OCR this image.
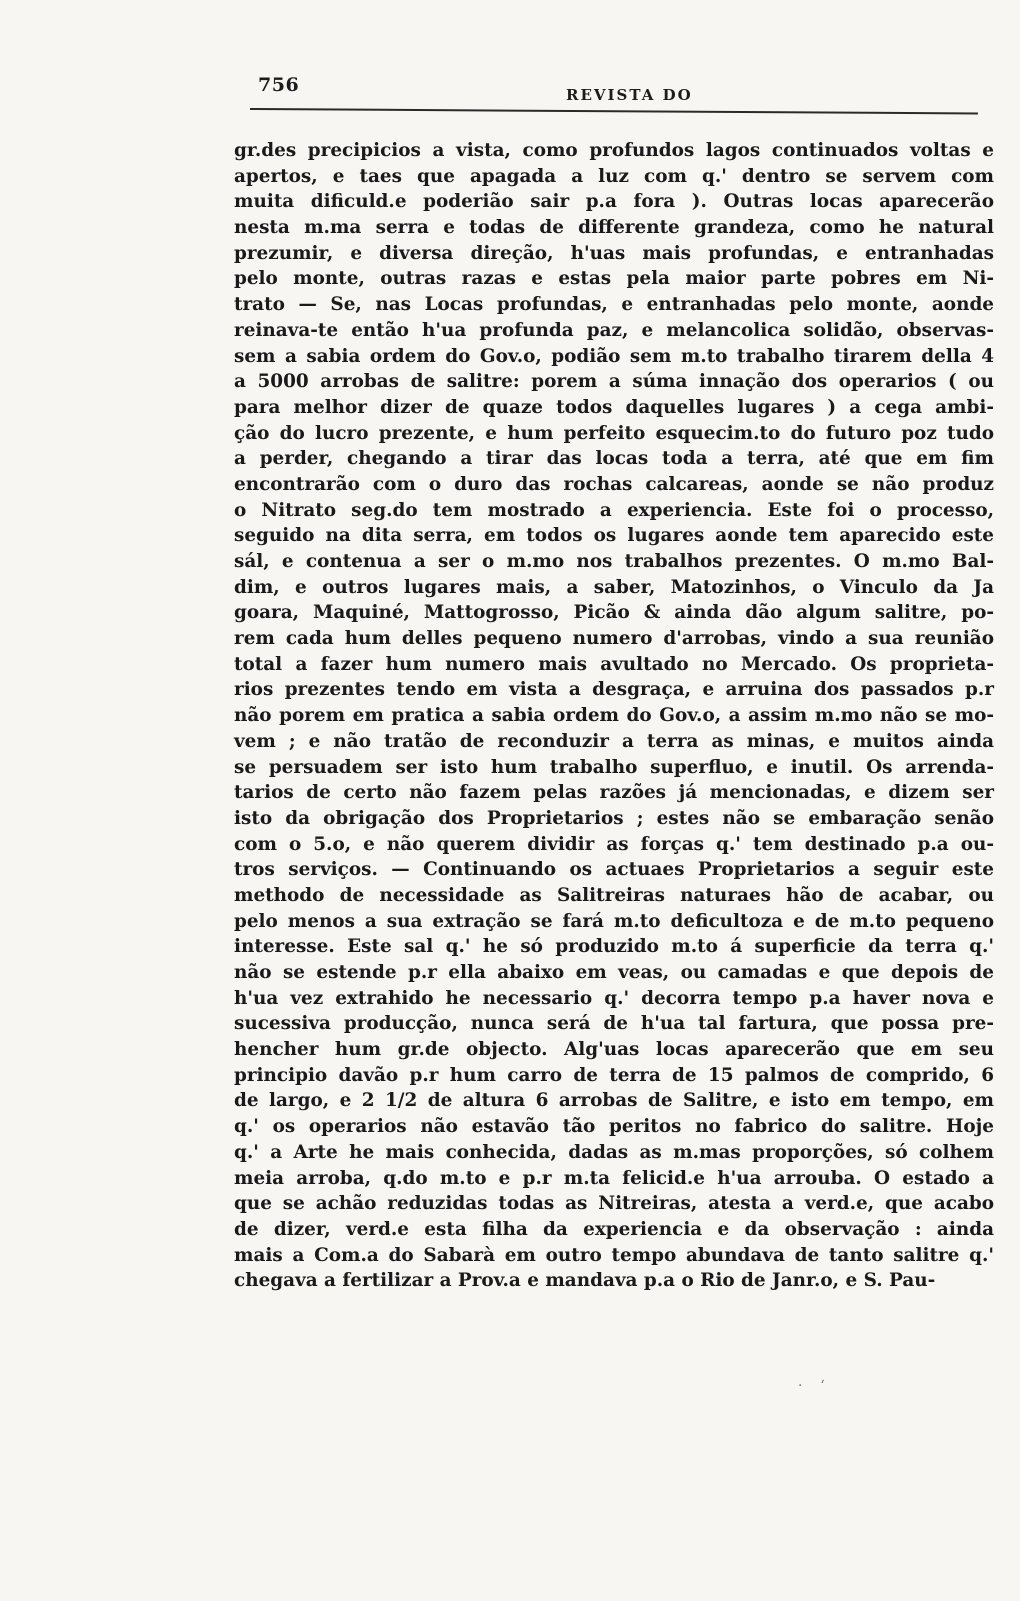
756	REVISTA DO
gr.des precipicios a vista, como profundos lagos continuados voltas e
apertos, e taes que apagada a luz com q.' dentro se servem com
muita dificuld.e poderião sair p.a fora ). Outras locas aparecerão
nesta m.ma serra e todas de differente grandeza, como he natural
prezumir, e diversa direção, h'uas mais profundas, e entranhadas
pelo monte, outras razas e estas pela maior parte pobres em Ni-
trato — Se, nas Locas profundas, e entranhadas pelo monte, aonde
reinava-te então h'ua profunda paz, e melancolica solidão, observas-
sem a sabia ordem do Gov.o, podião sem m.to trabalho tirarem della 4
a 5000 arrobas de salitre: porem a súma innação dos operarios ( ou
para melhor dizer de quaze todos daquelles lugares ) a cega ambi-
ção do lucro prezente, e hum perfeito esquecim.to do futuro poz tudo
a perder, chegando a tirar das locas toda a terra, até que em fim
encontrarão com o duro das rochas calcareas, aonde se não produz
o Nitrato seg.do tem mostrado a experiencia. Este foi o processo,
seguido na dita serra, em todos os lugares aonde tem aparecido este
sál, e contenua a ser o m.mo nos trabalhos prezentes. O m.mo Bal-
dim, e outros lugares mais, a saber, Matozinhos, o Vinculo da Ja
goara, Maquiné, Mattogrosso, Picão & ainda dão algum salitre, po-
rem cada hum delles pequeno numero d'arrobas, vindo a sua reunião
total a fazer hum numero mais avultado no Mercado. Os proprieta-
rios prezentes tendo em vista a desgraça, e arruina dos passados p.r
não porem em pratica a sabia ordem do Gov.o, a assim m.mo não se mo-
vem ; e não tratão de reconduzir a terra as minas, e muitos ainda
se persuadem ser isto hum trabalho superfluo, e inutil. Os arrenda-
tarios de certo não fazem pelas razões já mencionadas, e dizem ser
isto da obrigação dos Proprietarios ; estes não se embaração senão
com o 5.o, e não querem dividir as forças q.' tem destinado p.a ou-
tros serviços. — Continuando os actuaes Proprietarios a seguir este
methodo de necessidade as Salitreiras naturaes hão de acabar, ou
pelo menos a sua extração se fará m.to deficultoza e de m.to pequeno
interesse. Este sal q.' he só produzido m.to á superficie da terra q.'
não se estende p.r ella abaixo em veas, ou camadas e que depois de
h'ua vez extrahido he necessario q.' decorra tempo p.a haver nova e
sucessiva producção, nunca será de h'ua tal fartura, que possa pre-
hencher hum gr.de objecto. Alg'uas locas aparecerão que em seu
principio davão p.r hum carro de terra de 15 palmos de comprido, 6
de largo, e 2 1/2 de altura 6 arrobas de Salitre, e isto em tempo, em
q.' os operarios não estavão tão peritos no fabrico do salitre. Hoje
q.' a Arte he mais conhecida, dadas as m.mas proporções, só colhem
meia arroba, q.do m.to e p.r m.ta felicid.e h'ua arrouba. O estado a
que se achão reduzidas todas as Nitreiras, atesta a verd.e, que acabo
de dizer, verd.e esta filha da experiencia e da observação : ainda
mais a Com.a do Sabarà em outro tempo abundava de tanto salitre q.'
chegava a fertilizar a Prov.a e mandava p.a o Rio de Janr.o, e S. Pau-
·    ʻ
